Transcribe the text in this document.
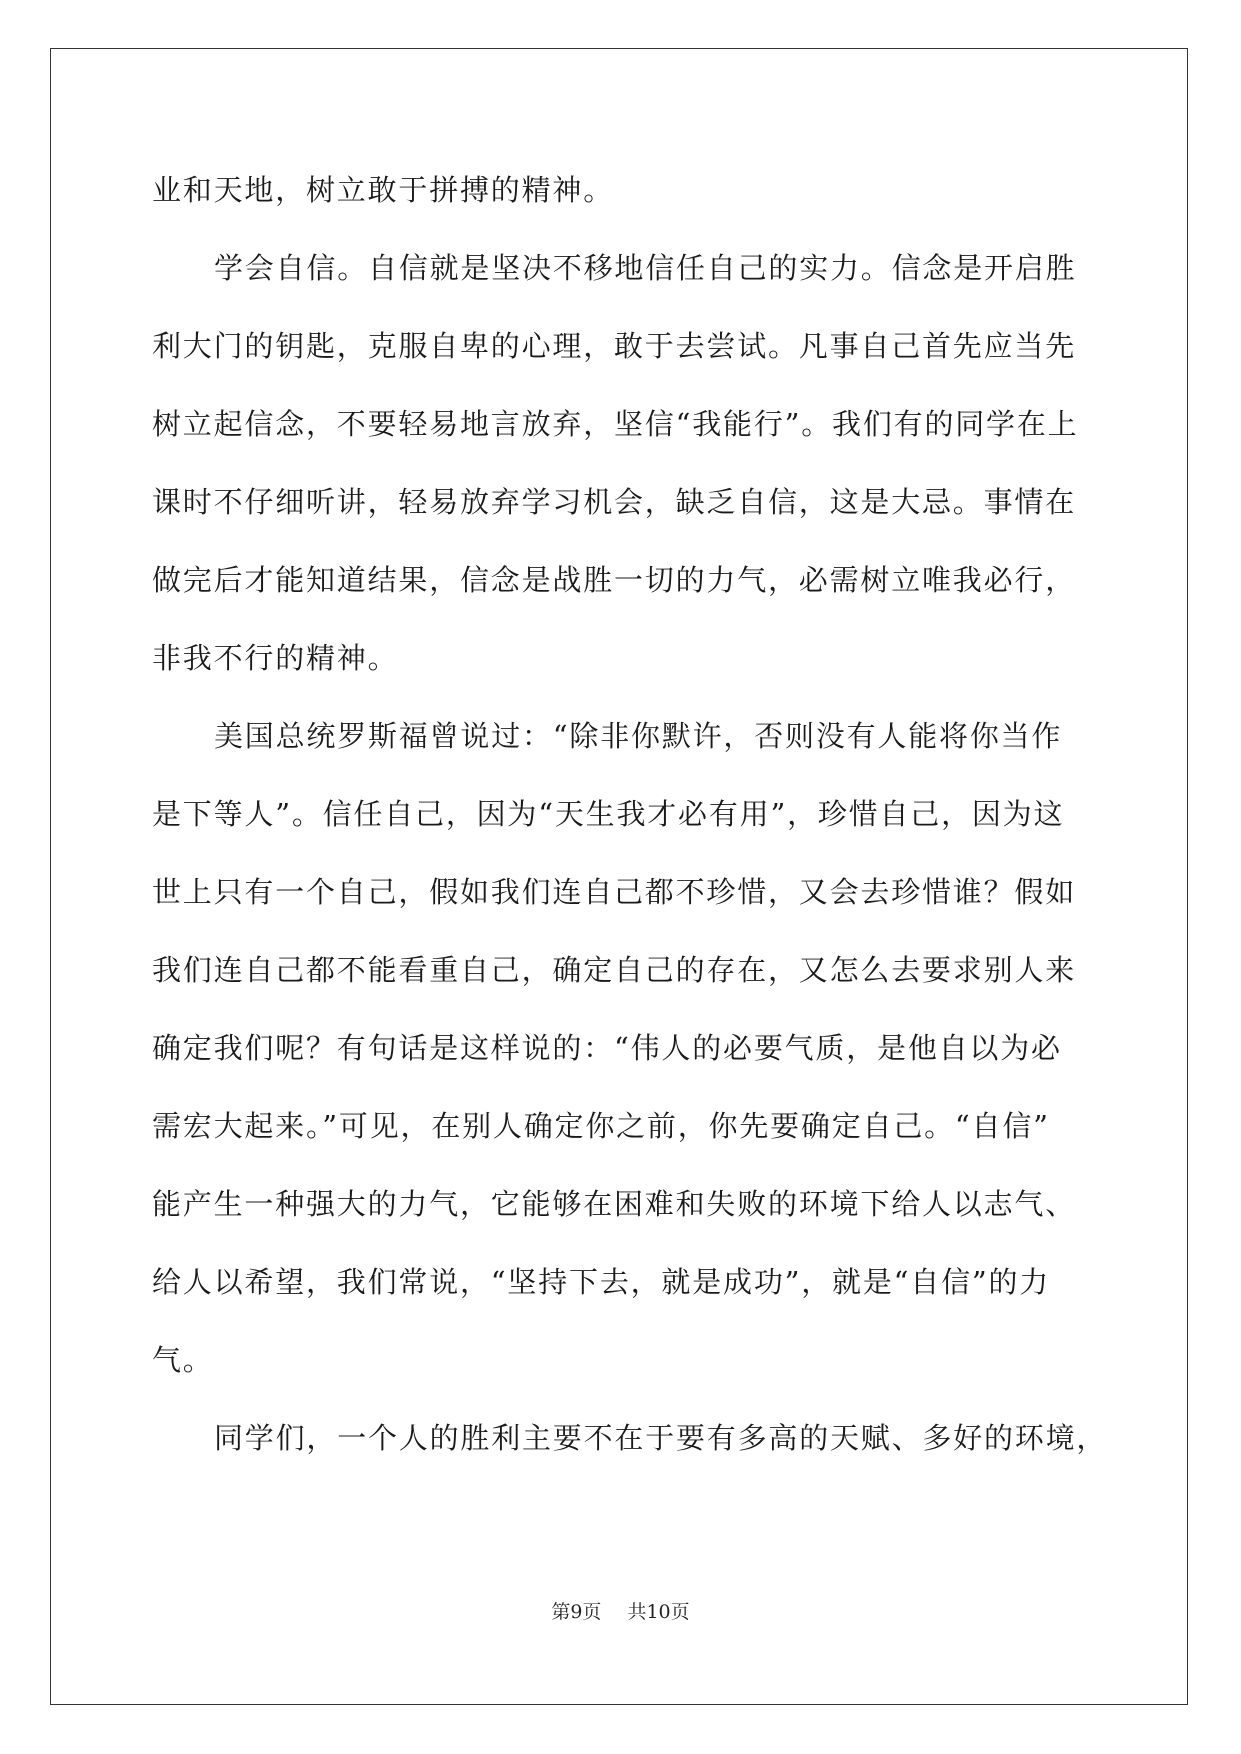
业和天地，树立敢于拼搏的精神。
学会自信。自信就是坚决不移地信任自己的实力。信念是开启胜
利大门的钥匙，克服自卑的心理，敢于去尝试。凡事自己首先应当先
树立起信念，不要轻易地言放弃，坚信“我能行”。我们有的同学在上
课时不仔细听讲，轻易放弃学习机会，缺乏自信，这是大忌。事情在
做完后才能知道结果，信念是战胜一切的力气，必需树立唯我必行，
非我不行的精神。
美国总统罗斯福曾说过：“除非你默许，否则没有人能将你当作
是下等人”。信任自己，因为“天生我才必有用”，珍惜自己，因为这
世上只有一个自己，假如我们连自己都不珍惜，又会去珍惜谁？假如
我们连自己都不能看重自己，确定自己的存在，又怎么去要求别人来
确定我们呢？有句话是这样说的：“伟人的必要气质，是他自以为必
需宏大起来。”可见，在别人确定你之前，你先要确定自己。“自信”
能产生一种强大的力气，它能够在困难和失败的环境下给人以志气、
给人以希望，我们常说，“坚持下去，就是成功”，就是“自信”的力
气。
同学们，一个人的胜利主要不在于要有多高的天赋、多好的环境，
第9页 共10页
